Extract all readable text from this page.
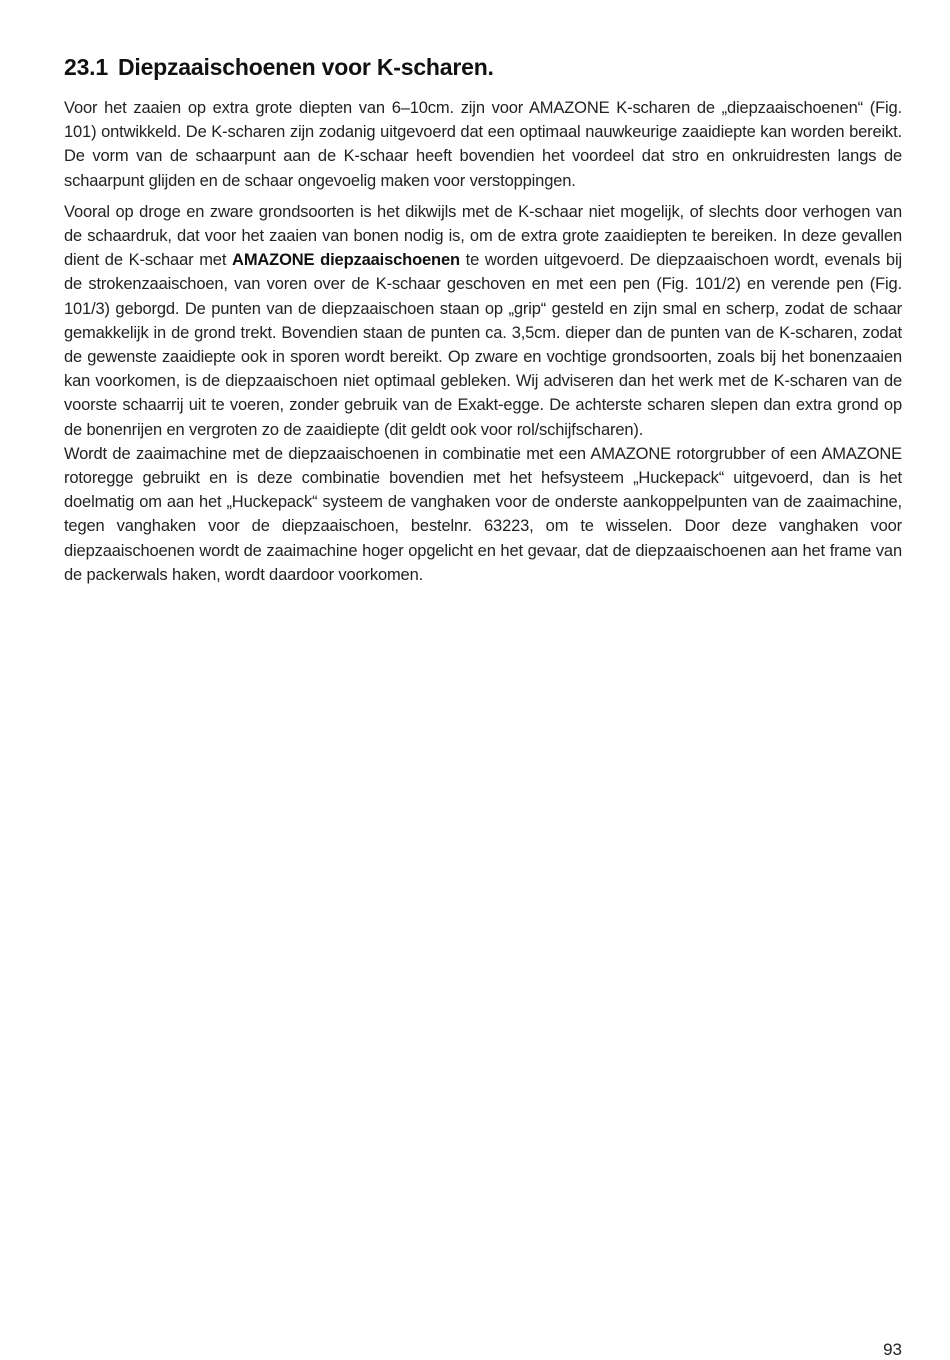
23.1 Diepzaaischoenen voor K-scharen.

Voor het zaaien op extra grote diepten van 6–10cm. zijn voor AMAZONE K-scharen de „diepzaaischoenen“ (Fig. 101) ontwikkeld. De K-scharen zijn zodanig uitgevoerd dat een optimaal nauwkeurige zaaidiepte kan worden bereikt. De vorm van de schaarpunt aan de K-schaar heeft bovendien het voordeel dat stro en onkruidresten langs de schaarpunt glijden en de schaar ongevoelig maken voor verstoppingen.

Vooral op droge en zware grondsoorten is het dikwijls met de K-schaar niet mogelijk, of slechts door verhogen van de schaardruk, dat voor het zaaien van bonen nodig is, om de extra grote zaaidiepten te bereiken. In deze gevallen dient de K-schaar met AMAZONE diepzaaischoenen te worden uitgevoerd. De diepzaaischoen wordt, evenals bij de strokenzaaischoen, van voren over de K-schaar geschoven en met een pen (Fig. 101/2) en verende pen (Fig. 101/3) geborgd. De punten van de diepzaaischoen staan op „grip“ gesteld en zijn smal en scherp, zodat de schaar gemakkelijk in de grond trekt. Bovendien staan de punten ca. 3,5cm. dieper dan de punten van de K-scharen, zodat de gewenste zaaidiepte ook in sporen wordt bereikt. Op zware en vochtige grondsoorten, zoals bij het bonenzaaien kan voorkomen, is de diepzaaischoen niet optimaal gebleken. Wij adviseren dan het werk met de K-scharen van de voorste schaarrij uit te voeren, zonder gebruik van de Exakt-egge. De achterste scharen slepen dan extra grond op de bonenrijen en vergroten zo de zaaidiepte (dit geldt ook voor rol/schijfscharen).

Wordt de zaaimachine met de diepzaaischoenen in combinatie met een AMAZONE rotorgrubber of een AMAZONE rotoregge gebruikt en is deze combinatie bovendien met het hefsysteem „Huckepack“ uitgevoerd, dan is het doelmatig om aan het „Huckepack“ systeem de vanghaken voor de onderste aankoppelpunten van de zaaimachine, tegen vanghaken voor de diepzaaischoen, bestelnr. 63223, om te wisselen. Door deze vanghaken voor diepzaaischoenen wordt de zaaimachine hoger opgelicht en het gevaar, dat de diepzaaischoenen aan het frame van de packerwals haken, wordt daardoor voorkomen.

93
